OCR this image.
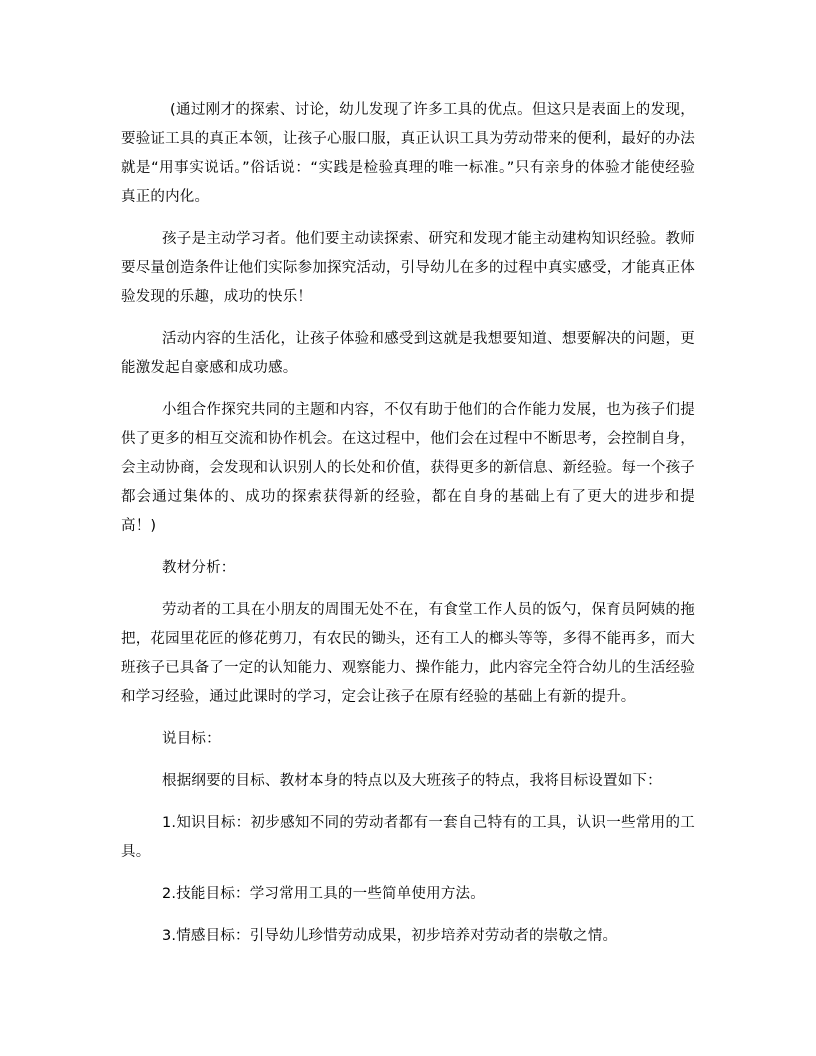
(通过刚才的探索、讨论，幼儿发现了许多工具的优点。但这只是表面上的发现，要验证工具的真正本领，让孩子心服口服，真正认识工具为劳动带来的便利，最好的办法就是“用事实说话。”俗话说：“实践是检验真理的唯一标准。”只有亲身的体验才能使经验真正的内化。

孩子是主动学习者。他们要主动读探索、研究和发现才能主动建构知识经验。教师要尽量创造条件让他们实际参加探究活动，引导幼儿在多的过程中真实感受，才能真正体验发现的乐趣，成功的快乐！

活动内容的生活化，让孩子体验和感受到这就是我想要知道、想要解决的问题，更能激发起自豪感和成功感。

小组合作探究共同的主题和内容，不仅有助于他们的合作能力发展，也为孩子们提供了更多的相互交流和协作机会。在这过程中，他们会在过程中不断思考，会控制自身，会主动协商，会发现和认识别人的长处和价值，获得更多的新信息、新经验。每一个孩子都会通过集体的、成功的探索获得新的经验，都在自身的基础上有了更大的进步和提高！)

教材分析：

劳动者的工具在小朋友的周围无处不在，有食堂工作人员的饭勺，保育员阿姨的拖把，花园里花匠的修花剪刀，有农民的锄头，还有工人的榔头等等，多得不能再多，而大班孩子已具备了一定的认知能力、观察能力、操作能力，此内容完全符合幼儿的生活经验和学习经验，通过此课时的学习，定会让孩子在原有经验的基础上有新的提升。

说目标：

根据纲要的目标、教材本身的特点以及大班孩子的特点，我将目标设置如下：

1.知识目标：初步感知不同的劳动者都有一套自己特有的工具，认识一些常用的工具。

2.技能目标：学习常用工具的一些简单使用方法。

3.情感目标：引导幼儿珍惜劳动成果，初步培养对劳动者的崇敬之情。
